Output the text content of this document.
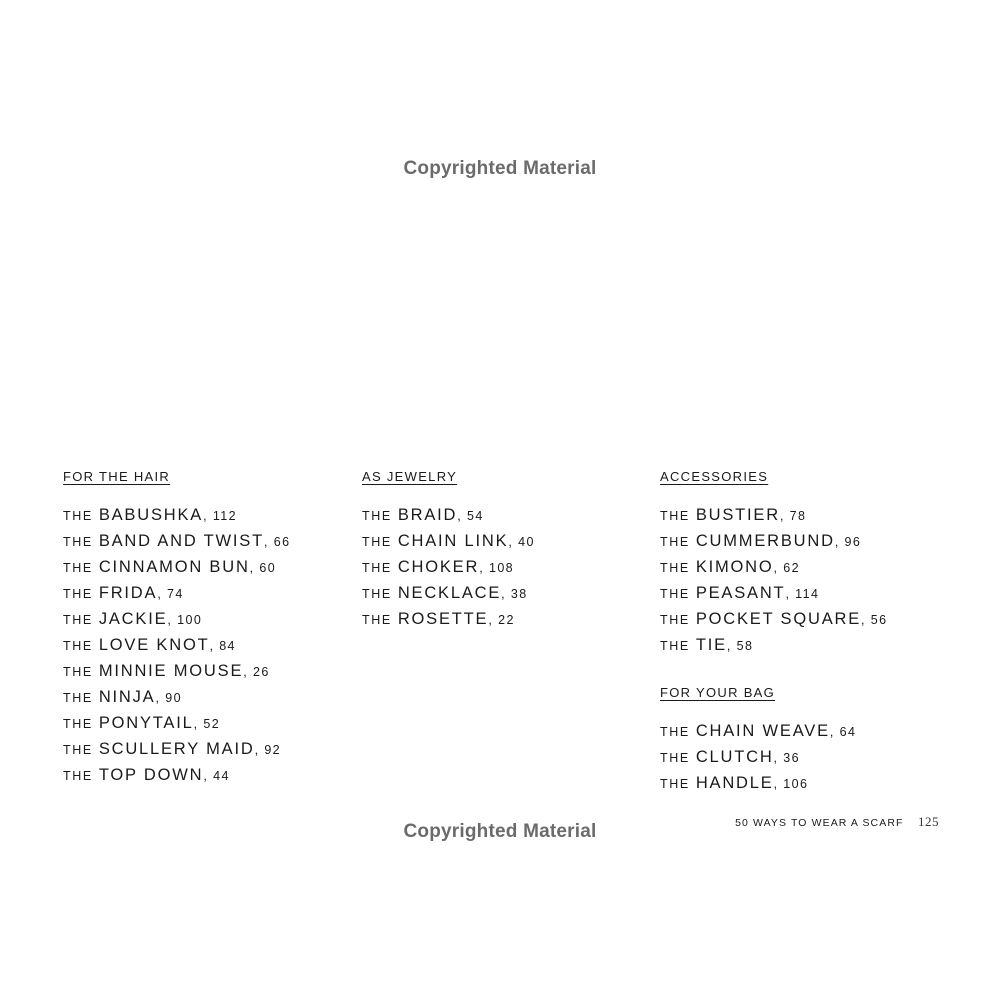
Copyrighted Material
FOR THE HAIR
THE BABUSHKA, 112
THE BAND AND TWIST, 66
THE CINNAMON BUN, 60
THE FRIDA, 74
THE JACKIE, 100
THE LOVE KNOT, 84
THE MINNIE MOUSE, 26
THE NINJA, 90
THE PONYTAIL, 52
THE SCULLERY MAID, 92
THE TOP DOWN, 44
AS JEWELRY
THE BRAID, 54
THE CHAIN LINK, 40
THE CHOKER, 108
THE NECKLACE, 38
THE ROSETTE, 22
ACCESSORIES
THE BUSTIER, 78
THE CUMMERBUND, 96
THE KIMONO, 62
THE PEASANT, 114
THE POCKET SQUARE, 56
THE TIE, 58
FOR YOUR BAG
THE CHAIN WEAVE, 64
THE CLUTCH, 36
THE HANDLE, 106
50 WAYS TO WEAR A SCARF 125
Copyrighted Material
